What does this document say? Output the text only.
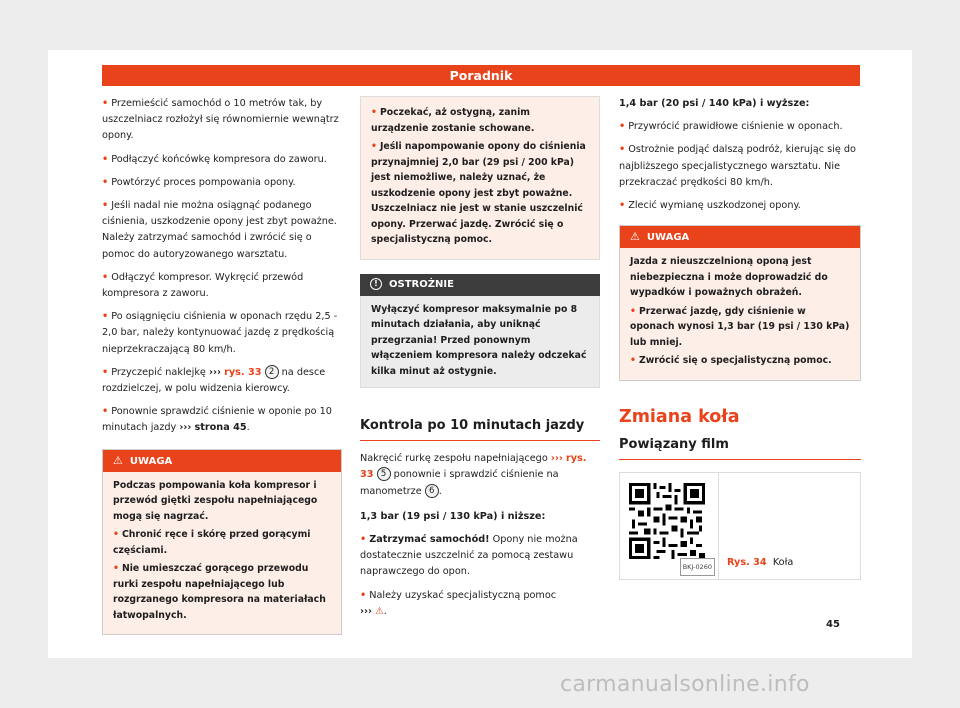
Poradnik

• Przemieścić samochód o 10 metrów tak, by uszczelniacz rozłożył się równomiernie wewnątrz opony.

• Podłączyć końcówkę kompresora do zaworu.

• Powtórzyć proces pompowania opony.

• Jeśli nadal nie można osiągnąć podanego ciśnienia, uszkodzenie opony jest zbyt poważne. Należy zatrzymać samochód i zwrócić się o pomoc do autoryzowanego warsztatu.

• Odłączyć kompresor. Wykręcić przewód kompresora z zaworu.

• Po osiągnięciu ciśnienia w oponach rzędu 2,5 - 2,0 bar, należy kontynuować jazdę z prędkością nieprzekraczającą 80 km/h.

• Przyczepić naklejkę ››› rys. 33 2 na desce rozdzielczej, w polu widzenia kierowcy.

• Ponownie sprawdzić ciśnienie w oponie po 10 minutach jazdy ››› strona 45.

⚠ UWAGA

Podczas pompowania koła kompresor i przewód giętki zespołu napełniającego mogą się nagrzać.

• Chronić ręce i skórę przed gorącymi częściami.

• Nie umieszczać gorącego przewodu rurki zespołu napełniającego lub rozgrzanego kompresora na materiałach łatwopalnych.

• Poczekać, aż ostygną, zanim urządzenie zostanie schowane.

• Jeśli napompowanie opony do ciśnienia przynajmniej 2,0 bar (29 psi / 200 kPa) jest niemożliwe, należy uznać, że uszkodzenie opony jest zbyt poważne. Uszczelniacz nie jest w stanie uszczelnić opony. Przerwać jazdę. Zwrócić się o specjalistyczną pomoc.

! OSTROŻNIE
Wyłączyć kompresor maksymalnie po 8 minutach działania, aby uniknąć przegrzania! Przed ponownym włączeniem kompresora należy odczekać kilka minut aż ostygnie.
Kontrola po 10 minutach jazdy

Nakręcić rurkę zespołu napełniającego ››› rys. 33 5 ponownie i sprawdzić ciśnienie na manometrze 6 .

1,3 bar (19 psi / 130 kPa) i niższe:

• Zatrzymać samochód! Opony nie można dostatecznie uszczelnić za pomocą zestawu naprawczego do opon.

• Należy uzyskać specjalistyczną pomoc
››› ⚠.

1,4 bar (20 psi / 140 kPa) i wyższe:

• Przywrócić prawidłowe ciśnienie w oponach.

• Ostrożnie podjąć dalszą podróż, kierując się do najbliższego specjalistycznego warsztatu. Nie przekraczać prędkości 80 km/h.

• Zlecić wymianę uszkodzonej opony.

⚠ UWAGA

Jazda z nieuszczelnioną oponą jest niebezpieczna i może doprowadzić do wypadków i poważnych obrażeń.

• Przerwać jazdę, gdy ciśnienie w oponach wynosi 1,3 bar (19 psi / 130 kPa) lub mniej.

• Zwrócić się o specjalistyczną pomoc.

Zmiana koła
Powiązany film
BKJ-0260	Rys. 34
Koła
45
carmanualsonline.info
